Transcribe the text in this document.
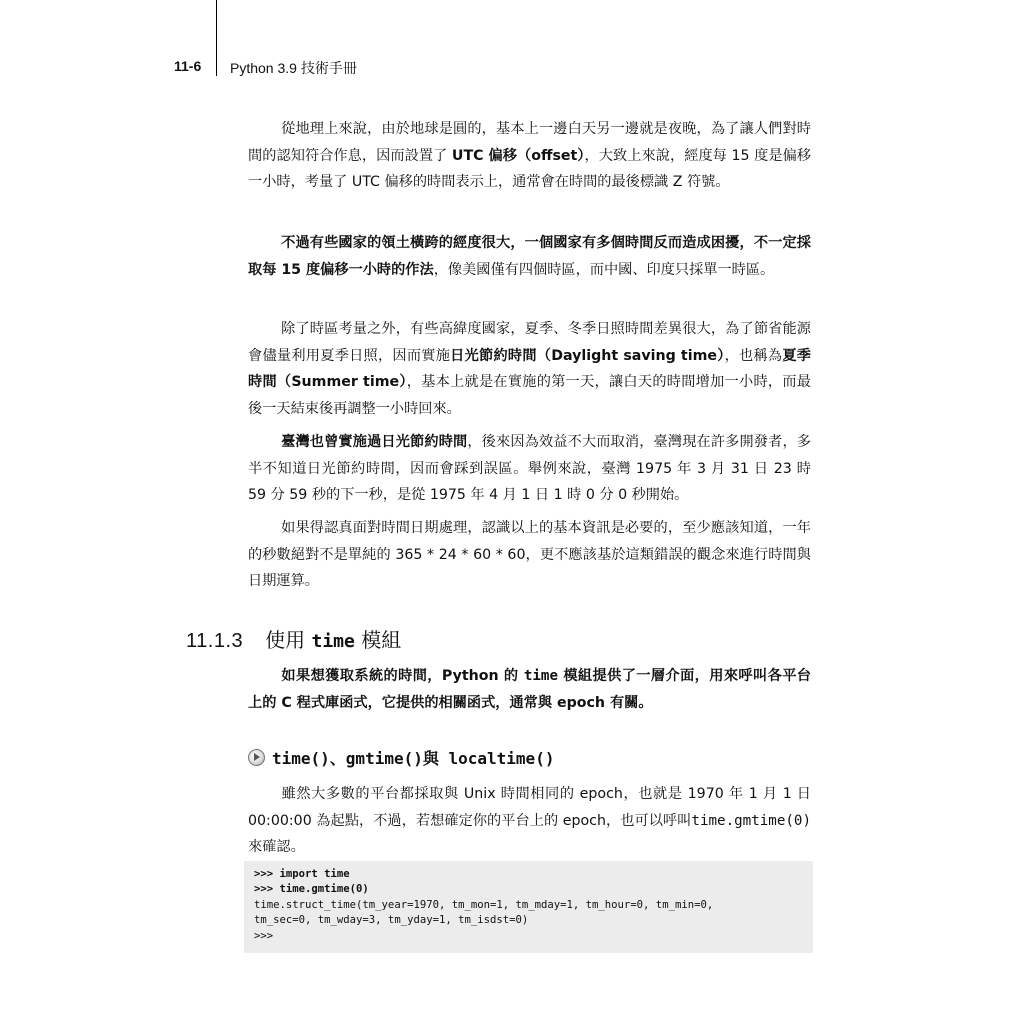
11-6 Python 3.9 技術手冊

從地理上來說，由於地球是圓的，基本上一邊白天另一邊就是夜晚，為了讓人們對時間的認知符合作息，因而設置了 UTC 偏移（offset），大致上來說，經度每 15 度是偏移一小時，考量了 UTC 偏移的時間表示上，通常會在時間的最後標識 Z 符號。

不過有些國家的領土橫跨的經度很大，一個國家有多個時間反而造成困擾，不一定採取每 15 度偏移一小時的作法，像美國僅有四個時區，而中國、印度只採單一時區。

除了時區考量之外，有些高緯度國家，夏季、冬季日照時間差異很大，為了節省能源會儘量利用夏季日照，因而實施日光節約時間（Daylight saving time），也稱為夏季時間（Summer time），基本上就是在實施的第一天，讓白天的時間增加一小時，而最後一天結束後再調整一小時回來。

臺灣也曾實施過日光節約時間，後來因為效益不大而取消，臺灣現在許多開發者，多半不知道日光節約時間，因而會踩到誤區。舉例來說，臺灣 1975 年 3 月 31 日 23 時 59 分 59 秒的下一秒，是從 1975 年 4 月 1 日 1 時 0 分 0 秒開始。

如果得認真面對時間日期處理，認識以上的基本資訊是必要的，至少應該知道，一年的秒數絕對不是單純的 365 * 24 * 60 * 60，更不應該基於這類錯誤的觀念來進行時間與日期運算。

11.1.3 使用 time 模組

如果想獲取系統的時間，Python 的 time 模組提供了一層介面，用來呼叫各平台上的 C 程式庫函式，它提供的相關函式，通常與 epoch 有關。

time()、gmtime()與 localtime()

雖然大多數的平台都採取與 Unix 時間相同的 epoch，也就是 1970 年 1 月 1 日 00:00:00 為起點，不過，若想確定你的平台上的 epoch，也可以呼叫time.gmtime(0)來確認。

>>> import time
>>> time.gmtime(0)
time.struct_time(tm_year=1970, tm_mon=1, tm_mday=1, tm_hour=0, tm_min=0,
tm_sec=0, tm_wday=3, tm_yday=1, tm_isdst=0)
>>>
